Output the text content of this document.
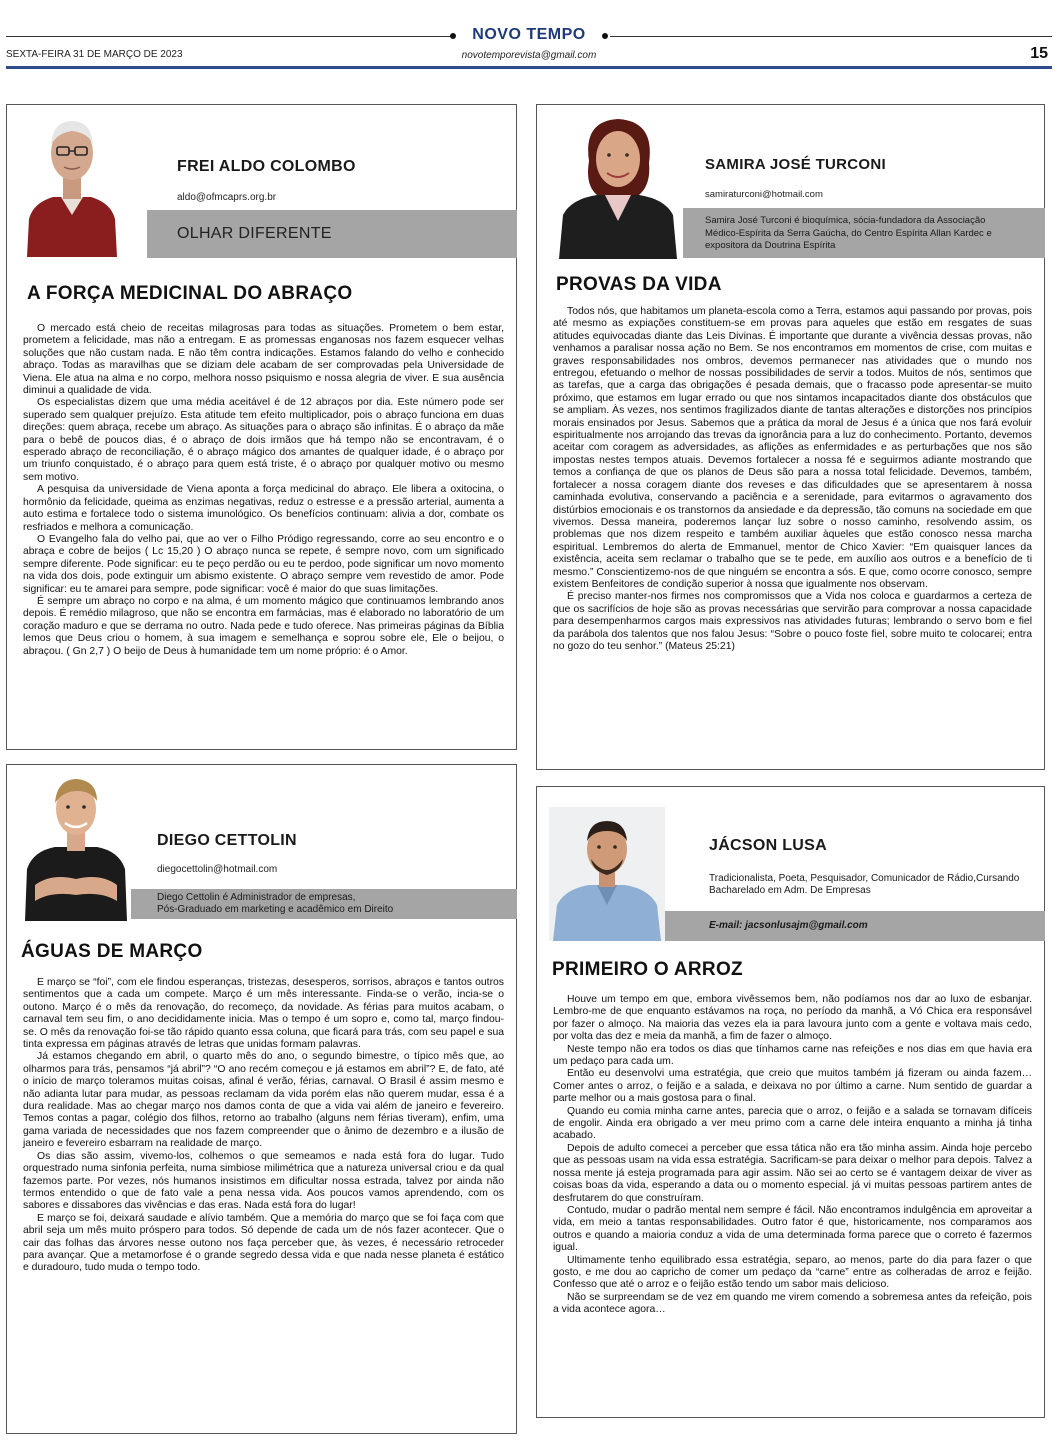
NOVO TEMPO
SEXTA-FEIRA 31 DE MARÇO DE 2023	novotemporevista@gmail.com	15
FREI ALDO COLOMBO
aldo@ofmcaprs.org.br
OLHAR DIFERENTE
A FORÇA MEDICINAL DO ABRAÇO

O mercado está cheio de receitas milagrosas para todas as situações. Prometem o bem estar, prometem a felicidade, mas não a entregam. E as promessas enganosas nos fazem esquecer velhas soluções que não custam nada. E não têm contra indicações. Estamos falando do velho e conhecido abraço. Todas as maravilhas que se diziam dele acabam de ser comprovadas pela Universidade de Viena. Ele atua na alma e no corpo, melhora nosso psiquismo e nossa alegria de viver. E sua ausência diminui a qualidade de vida.

Os especialistas dizem que uma média aceitável é de 12 abraços por dia. Este número pode ser superado sem qualquer prejuízo. Esta atitude tem efeito multiplicador, pois o abraço funciona em duas direções: quem abraça, recebe um abraço. As situações para o abraço são infinitas. É o abraço da mãe para o bebê de poucos dias, é o abraço de dois irmãos que há tempo não se encontravam, é o esperado abraço de reconciliação, é o abraço mágico dos amantes de qualquer idade, é o abraço por um triunfo conquistado, é o abraço para quem está triste, é o abraço por qualquer motivo ou mesmo sem motivo.

A pesquisa da universidade de Viena aponta a força medicinal do abraço. Ele libera a oxitocina, o hormônio da felicidade, queima as enzimas negativas, reduz o estresse e a pressão arterial, aumenta a auto estima e fortalece todo o sistema imunológico. Os benefícios continuam: alivia a dor, combate os resfriados e melhora a comunicação.

O Evangelho fala do velho pai, que ao ver o Filho Pródigo regressando, corre ao seu encontro e o abraça e cobre de beijos ( Lc 15,20 ) O abraço nunca se repete, é sempre novo, com um significado sempre diferente. Pode significar: eu te peço perdão ou eu te perdoo, pode significar um novo momento na vida dos dois, pode extinguir um abismo existente. O abraço sempre vem revestido de amor. Pode significar: eu te amarei para sempre, pode significar: você é maior do que suas limitações.

É sempre um abraço no corpo e na alma, é um momento mágico que continuamos lembrando anos depois. É remédio milagroso, que não se encontra em farmácias, mas é elaborado no laboratório de um coração maduro e que se derrama no outro. Nada pede e tudo oferece. Nas primeiras páginas da Bíblia lemos que Deus criou o homem, à sua imagem e semelhança e soprou sobre ele, Ele o beijou, o abraçou. ( Gn 2,7 ) O beijo de Deus à humanidade tem um nome próprio: é o Amor.

SAMIRA JOSÉ TURCONI
samiraturconi@hotmail.com
Samira José Turconi é bioquímica, sócia-fundadora da Associação Médico-Espírita da Serra Gaúcha, do Centro Espírita Allan Kardec e expositora da Doutrina Espírita
PROVAS DA VIDA

Todos nós, que habitamos um planeta-escola como a Terra, estamos aqui passando por provas, pois até mesmo as expiações constituem-se em provas para aqueles que estão em resgates de suas atitudes equivocadas diante das Leis Divinas. É importante que durante a vivência dessas provas, não venhamos a paralisar nossa ação no Bem. Se nos encontramos em momentos de crise, com muitas e graves responsabilidades nos ombros, devemos permanecer nas atividades que o mundo nos entregou, efetuando o melhor de nossas possibilidades de servir a todos. Muitos de nós, sentimos que as tarefas, que a carga das obrigações é pesada demais, que o fracasso pode apresentar-se muito próximo, que estamos em lugar errado ou que nos sintamos incapacitados diante dos obstáculos que se ampliam. Às vezes, nos sentimos fragilizados diante de tantas alterações e distorções nos princípios morais ensinados por Jesus. Sabemos que a prática da moral de Jesus é a única que nos fará evoluir espiritualmente nos arrojando das trevas da ignorância para a luz do conhecimento. Portanto, devemos aceitar com coragem as adversidades, as aflições as enfermidades e as perturbações que nos são impostas nestes tempos atuais. Devemos fortalecer a nossa fé e seguirmos adiante mostrando que temos a confiança de que os planos de Deus são para a nossa total felicidade. Devemos, também, fortalecer a nossa coragem diante dos reveses e das dificuldades que se apresentarem à nossa caminhada evolutiva, conservando a paciência e a serenidade, para evitarmos o agravamento dos distúrbios emocionais e os transtornos da ansiedade e da depressão, tão comuns na sociedade em que vivemos. Dessa maneira, poderemos lançar luz sobre o nosso caminho, resolvendo assim, os problemas que nos dizem respeito e também auxiliar àqueles que estão conosco nessa marcha espiritual. Lembremos do alerta de Emmanuel, mentor de Chico Xavier: “Em quaisquer lances da existência, aceita sem reclamar o trabalho que se te pede, em auxílio aos outros e a benefício de ti mesmo.” Conscientizemo-nos de que ninguém se encontra a sós. E que, como ocorre conosco, sempre existem Benfeitores de condição superior à nossa que igualmente nos observam.

É preciso manter-nos firmes nos compromissos que a Vida nos coloca e guardarmos a certeza de que os sacrifícios de hoje são as provas necessárias que servirão para comprovar a nossa capacidade para desempenharmos cargos mais expressivos nas atividades futuras; lembrando o servo bom e fiel da parábola dos talentos que nos falou Jesus: “Sobre o pouco foste fiel, sobre muito te colocarei; entra no gozo do teu senhor.” (Mateus 25:21)

DIEGO CETTOLIN
diegocettolin@hotmail.com
Diego Cettolin é Administrador de empresas,
Pós-Graduado em marketing e acadêmico em Direito
ÁGUAS DE MARÇO

E março se “foi”, com ele findou esperanças, tristezas, desesperos, sorrisos, abraços e tantos outros sentimentos que a cada um compete. Março é um mês interessante. Finda-se o verão, incia-se o outono. Março é o mês da renovação, do recomeço, da novidade. As férias para muitos acabam, o carnaval tem seu fim, o ano decididamente inicia. Mas o tempo é um sopro e, como tal, março findou-se. O mês da renovação foi-se tão rápido quanto essa coluna, que ficará para trás, com seu papel e sua tinta expressa em páginas através de letras que unidas formam palavras.

Já estamos chegando em abril, o quarto mês do ano, o segundo bimestre, o típico mês que, ao olharmos para trás, pensamos “já abril”? “O ano recém começou e já estamos em abril”? E, de fato, até o início de março toleramos muitas coisas, afinal é verão, férias, carnaval. O Brasil é assim mesmo e não adianta lutar para mudar, as pessoas reclamam da vida porém elas não querem mudar, essa é a dura realidade. Mas ao chegar março nos damos conta de que a vida vai além de janeiro e fevereiro. Temos contas a pagar, colégio dos filhos, retorno ao trabalho (alguns nem férias tiveram), enfim, uma gama variada de necessidades que nos fazem compreender que o ânimo de dezembro e a ilusão de janeiro e fevereiro esbarram na realidade de março.

Os dias são assim, vivemo-los, colhemos o que semeamos e nada está fora do lugar. Tudo orquestrado numa sinfonia perfeita, numa simbiose milimétrica que a natureza universal criou e da qual fazemos parte. Por vezes, nós humanos insistimos em dificultar nossa estrada, talvez por ainda não termos entendido o que de fato vale a pena nessa vida. Aos poucos vamos aprendendo, com os sabores e dissabores das vivências e das eras. Nada está fora do lugar!

E março se foi, deixará saudade e alívio também. Que a memória do março que se foi faça com que abril seja um mês muito próspero para todos. Só depende de cada um de nós fazer acontecer. Que o cair das folhas das árvores nesse outono nos faça perceber que, às vezes, é necessário retroceder para avançar. Que a metamorfose é o grande segredo dessa vida e que nada nesse planeta é estático e duradouro, tudo muda o tempo todo.

JÁCSON LUSA
Tradicionalista, Poeta, Pesquisador, Comunicador de Rádio,Cursando
Bacharelado em Adm. De Empresas
E-mail: jacsonlusajm@gmail.com
PRIMEIRO O ARROZ

Houve um tempo em que, embora vivêssemos bem, não podíamos nos dar ao luxo de esbanjar. Lembro-me de que enquanto estávamos na roça, no período da manhã, a Vó Chica era responsável por fazer o almoço. Na maioria das vezes ela ia para lavoura junto com a gente e voltava mais cedo, por volta das dez e meia da manhã, a fim de fazer o almoço.

Neste tempo não era todos os dias que tínhamos carne nas refeições e nos dias em que havia era um pedaço para cada um.

Então eu desenvolvi uma estratégia, que creio que muitos também já fizeram ou ainda fazem… Comer antes o arroz, o feijão e a salada, e deixava no por último a carne. Num sentido de guardar a parte melhor ou a mais gostosa para o final.

Quando eu comia minha carne antes, parecia que o arroz, o feijão e a salada se tornavam difíceis de engolir. Ainda era obrigado a ver meu primo com a carne dele inteira enquanto a minha já tinha acabado.

Depois de adulto comecei a perceber que essa tática não era tão minha assim. Ainda hoje percebo que as pessoas usam na vida essa estratégia. Sacrificam-se para deixar o melhor para depois. Talvez a nossa mente já esteja programada para agir assim. Não sei ao certo se é vantagem deixar de viver as coisas boas da vida, esperando a data ou o momento especial. já vi muitas pessoas partirem antes de desfrutarem do que construíram.

Contudo, mudar o padrão mental nem sempre é fácil. Não encontramos indulgência em aproveitar a vida, em meio a tantas responsabilidades. Outro fator é que, historicamente, nos comparamos aos outros e quando a maioria conduz a vida de uma determinada forma parece que o correto é fazermos igual.

Ultimamente tenho equilibrado essa estratégia, separo, ao menos, parte do dia para fazer o que gosto, e me dou ao capricho de comer um pedaço da “carne” entre as colheradas de arroz e feijão. Confesso que até o arroz e o feijão estão tendo um sabor mais delicioso.

Não se surpreendam se de vez em quando me virem comendo a sobremesa antes da refeição, pois a vida acontece agora…
